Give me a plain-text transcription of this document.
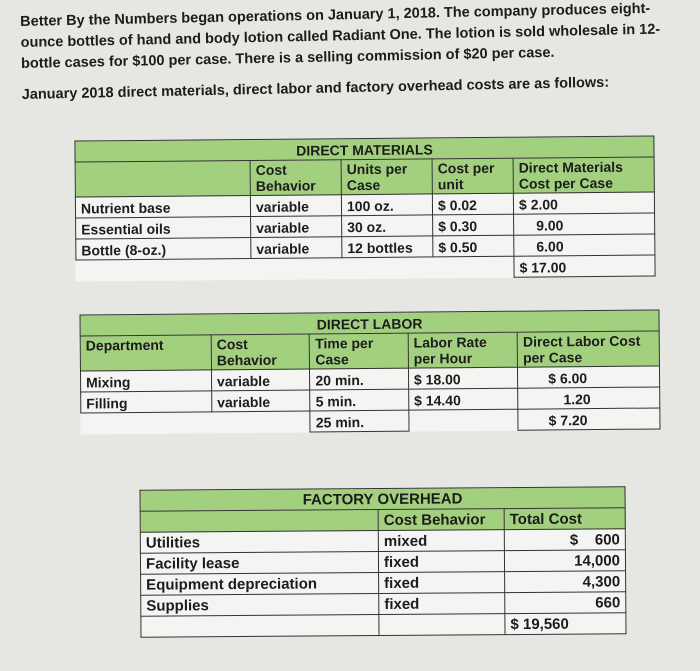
Better By the Numbers began operations on January 1, 2018. The company produces eight-ounce bottles of hand and body lotion called Radiant One. The lotion is sold wholesale in 12-bottle cases for $100 per case. There is a selling commission of $20 per case.

January 2018 direct materials, direct labor and factory overhead costs are as follows:

DIRECT MATERIALS				
	Cost Behavior	Units per Case	Cost per unit	Direct Materials Cost per Case
Nutrient base	variable	100 oz.	$ 0.02	$ 2.00
Essential oils	variable	30 oz.	$ 0.30	9.00
Bottle (8-oz.)	variable	12 bottles	$ 0.50	6.00
				$ 17.00
DIRECT LABOR				
Department	Cost Behavior	Time per Case	Labor Rate per Hour	Direct Labor Cost per Case
Mixing	variable	20 min.	$ 18.00	$ 6.00
Filling	variable	5 min.	$ 14.40	1.20
		25 min.		$ 7.20
FACTORY OVERHEAD		
	Cost Behavior	Total Cost
Utilities	mixed	$    600
Facility lease	fixed	14,000
Equipment depreciation	fixed	4,300
Supplies	fixed	660
		$ 19,560
